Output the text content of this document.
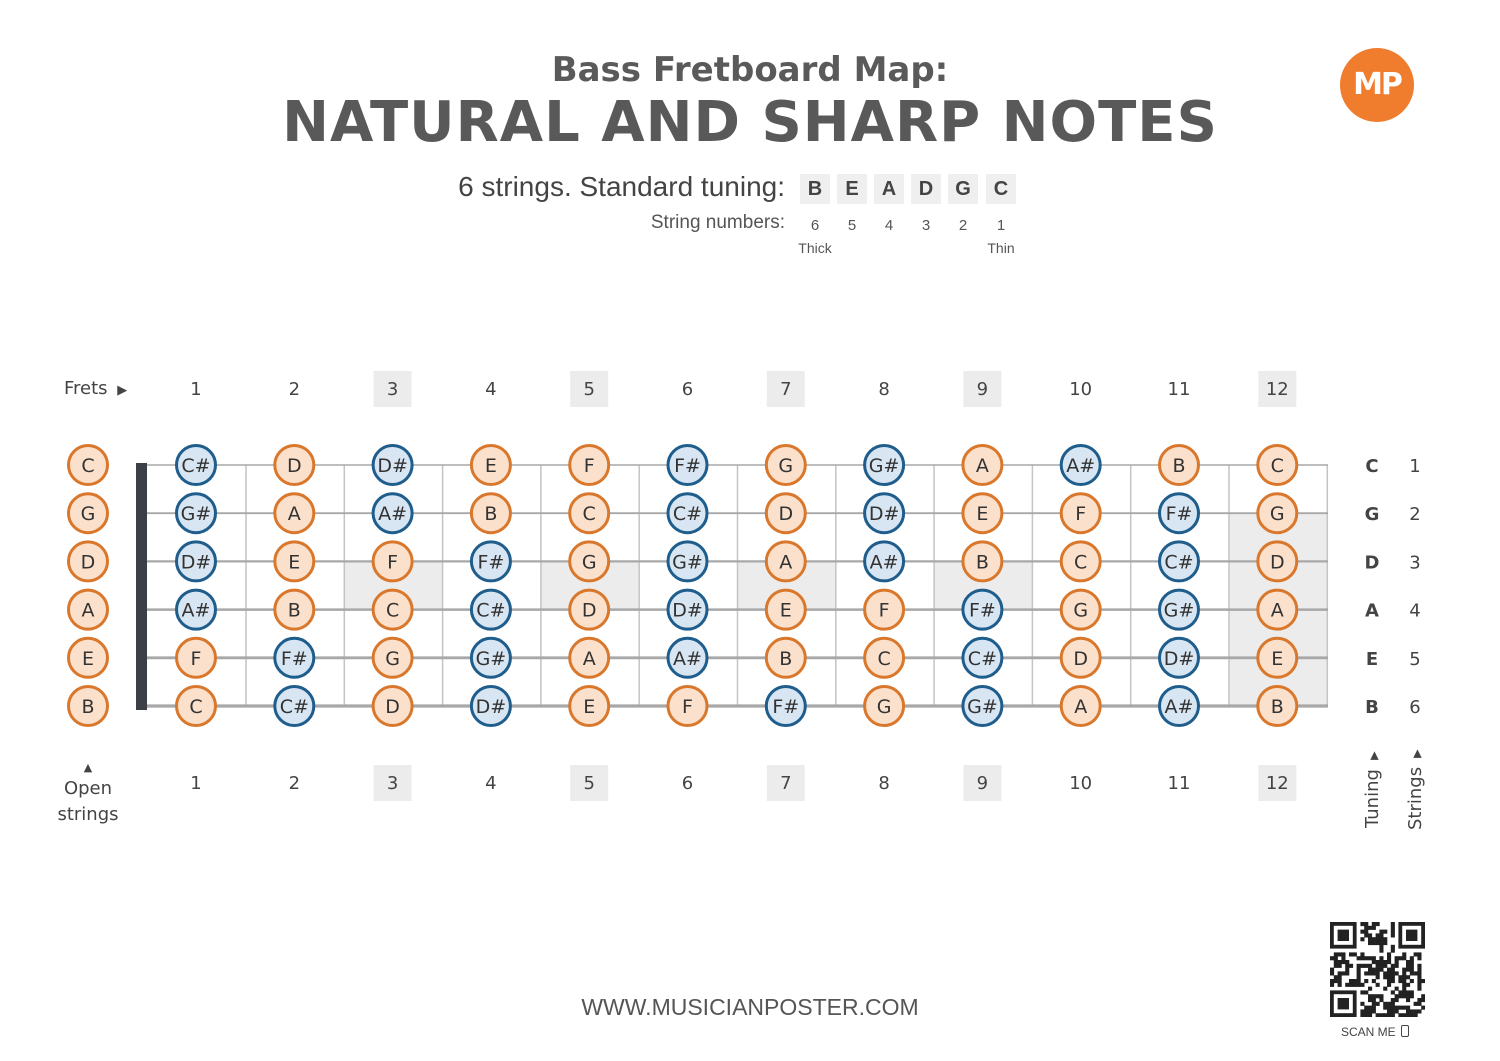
Bass Fretboard Map:
NATURAL AND SHARP NOTES
MP
6 strings. Standard tuning:
String numbers:
B	E	A	D	G	C
6	5	4	3	2	1
Thick	Thin
Frets ▶
▲
Open strings	Tuning ▲
Strings ▲
1
1
2
2
3
3
4
4
5
5
6
6
7
7
8
8
9
9
10
10
11
11
12
12
C	C#	D	D#	E	F	F#	G	G#	A	A#	B	C	C 1
G	G#	A	A#	B	C	C#	D	D#	E	F	F#	G	G 2
D	D#	E	F	F#	G	G#	A	A#	B	C	C#	D	D 3
A	A#	B	C	C#	D	D#	E	F	F#	G	G#	A	A 4
E	F	F#	G	G#	A	A#	B	C	C#	D	D#	E	E 5
B	C	C#	D	D#	E	F	F#	G	G#	A	A#	B	B 6
WWW.MUSICIANPOSTER.COM
SCAN ME
